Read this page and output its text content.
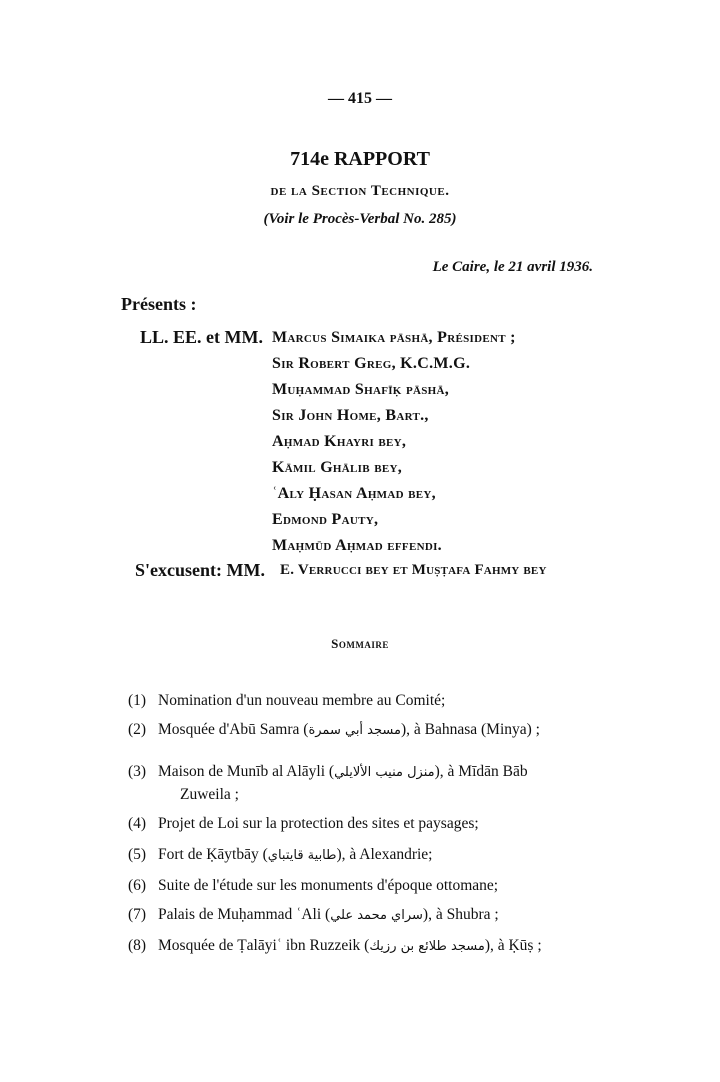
— 415 —
714e RAPPORT
de la Section Technique.
(Voir le Procès-Verbal No. 285)
Le Caire, le 21 avril 1936.
Présents :
LL. EE. et MM. Marcus Simaika pāshā, Président ;
Sir Robert Greg, K.C.M.G.
Muḥammad Shafīḳ pāshā,
Sir John Home, Bart.,
Aḥmad Khayri bey,
Kāmil Ghālib bey,
ʿAly Ḥasan Aḥmad bey,
Edmond Pauty,
Maḥmūd Aḥmad effendi.
S'excusent: MM. E. Verrucci bey et Muṣṭafa Fahmy bey
Sommaire
(1) Nomination d'un nouveau membre au Comité;
(2) Mosquée d'Abū Samra (مسجد أبي سمرة), à Bahnasa (Minya) ;
(3) Maison de Munīb al Alāyli (منزل منيب الألايلي), à Mīdān Bāb
Zuweila ;
(4) Projet de Loi sur la protection des sites et paysages;
(5) Fort de Ḳāytbāy (طابية قايتباي), à Alexandrie;
(6) Suite de l'étude sur les monuments d'époque ottomane;
(7) Palais de Muḥammad ʿAli (سراي محمد علي), à Shubra ;
(8) Mosquée de Ṭalāyiʿ ibn Ruzzeik (مسجد طلائع بن رزيك), à Ḳūṣ ;
